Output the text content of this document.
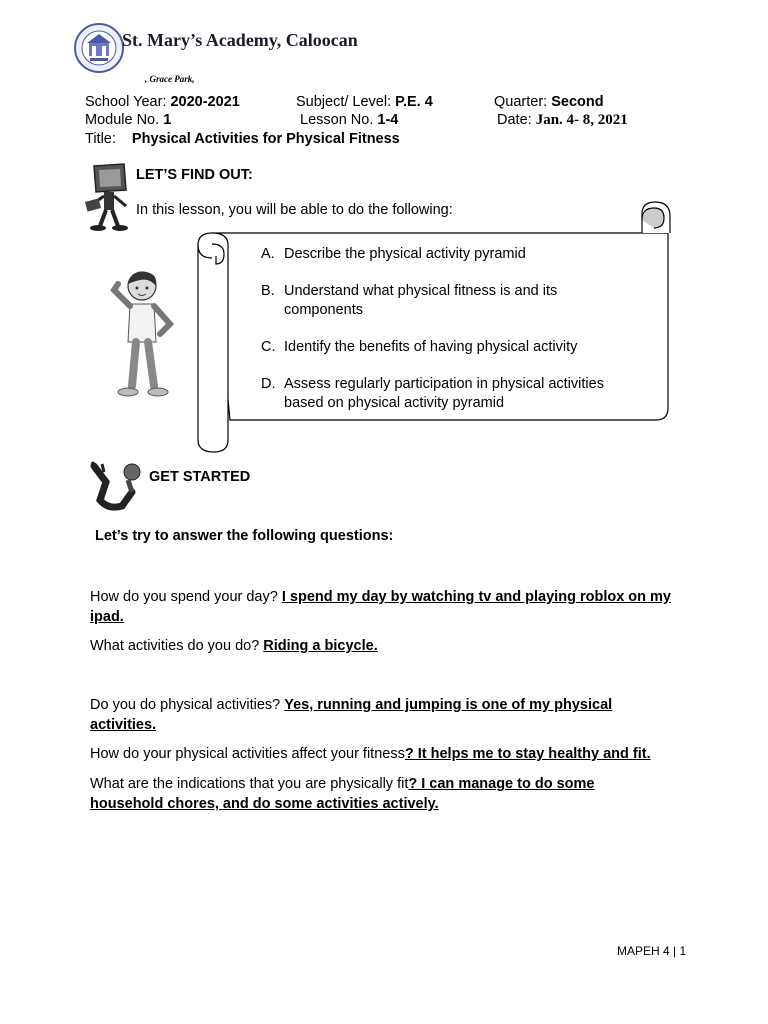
St. Mary’s Academy, Caloocan
, Grace Park,
School Year: 2020-2021	Subject/ Level: P.E. 4	Quarter: Second
Module No. 1	Lesson No. 1-4	Date: Jan. 4- 8, 2021
Title: Physical Activities for Physical Fitness
LET’S FIND OUT:
In this lesson, you will be able to do the following:
A. Describe the physical activity pyramid
B. Understand what physical fitness is and its components
C. Identify the benefits of having physical activity
D. Assess regularly participation in physical activities based on physical activity pyramid
GET STARTED
Let’s try to answer the following questions:
How do you spend your day? I spend my day by watching tv and playing roblox on my ipad.
What activities do you do? Riding a bicycle.
Do you do physical activities? Yes, running and jumping is one of my physical activities.
How do your physical activities affect your fitness? It helps me to stay healthy and fit.
What are the indications that you are physically fit? I can manage to do some household chores, and do some activities actively.
MAPEH 4 | 1
